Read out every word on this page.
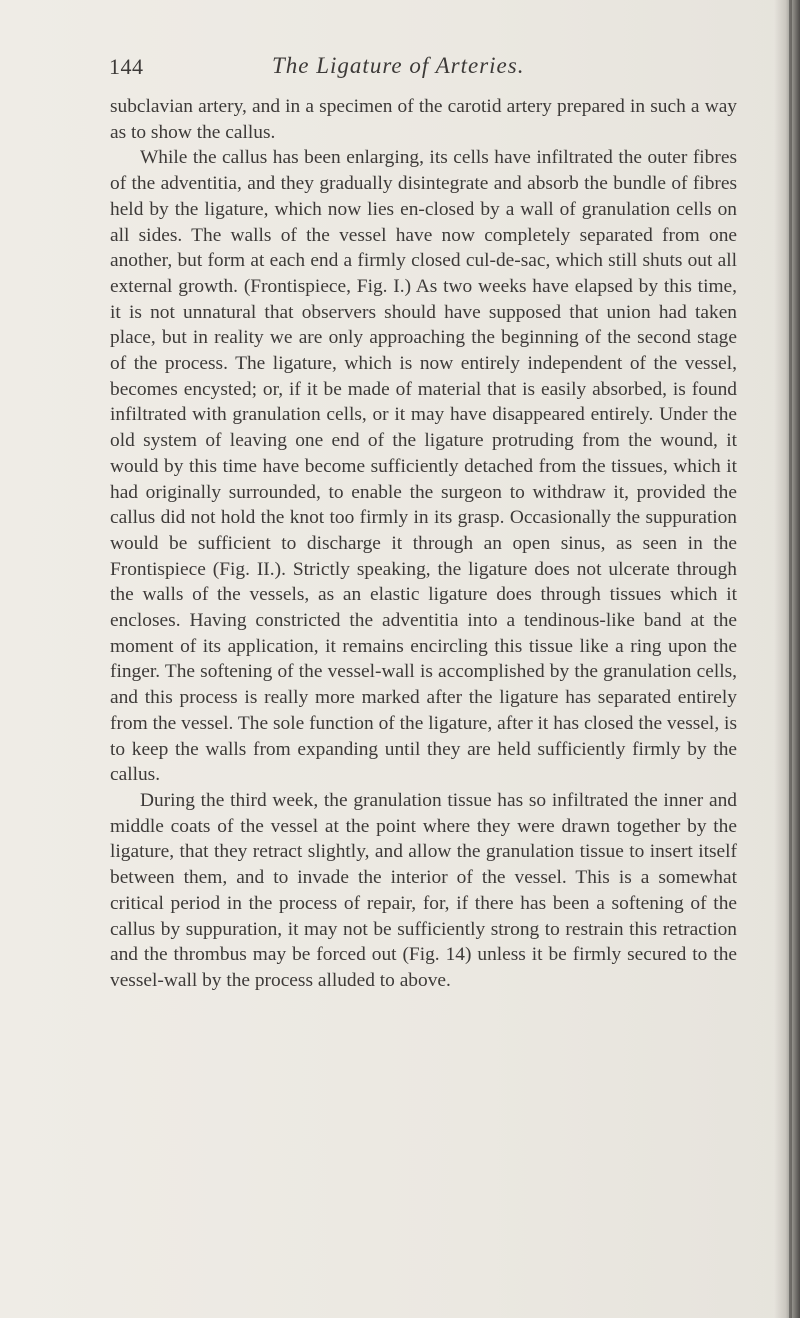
144	The Ligature of Arteries.

subclavian artery, and in a specimen of the carotid artery prepared in such a way as to show the callus.

While the callus has been enlarging, its cells have infiltrated the outer fibres of the adventitia, and they gradually disintegrate and absorb the bundle of fibres held by the ligature, which now lies en-closed by a wall of granulation cells on all sides. The walls of the vessel have now completely separated from one another, but form at each end a firmly closed cul-de-sac, which still shuts out all external growth. (Frontispiece, Fig. I.) As two weeks have elapsed by this time, it is not unnatural that observers should have supposed that union had taken place, but in reality we are only approaching the beginning of the second stage of the process. The ligature, which is now entirely independent of the vessel, becomes encysted; or, if it be made of material that is easily absorbed, is found infiltrated with granulation cells, or it may have disappeared entirely. Under the old system of leaving one end of the ligature protruding from the wound, it would by this time have become sufficiently detached from the tissues, which it had originally surrounded, to enable the surgeon to withdraw it, provided the callus did not hold the knot too firmly in its grasp. Occasionally the suppuration would be sufficient to discharge it through an open sinus, as seen in the Frontispiece (Fig. II.). Strictly speaking, the ligature does not ulcerate through the walls of the vessels, as an elastic ligature does through tissues which it encloses. Having constricted the adventitia into a tendinous-like band at the moment of its application, it remains encircling this tissue like a ring upon the finger. The softening of the vessel-wall is accomplished by the granulation cells, and this process is really more marked after the ligature has separated entirely from the vessel. The sole function of the ligature, after it has closed the vessel, is to keep the walls from expanding until they are held sufficiently firmly by the callus.

During the third week, the granulation tissue has so infiltrated the inner and middle coats of the vessel at the point where they were drawn together by the ligature, that they retract slightly, and allow the granulation tissue to insert itself between them, and to invade the interior of the vessel. This is a somewhat critical period in the process of repair, for, if there has been a softening of the callus by suppuration, it may not be sufficiently strong to restrain this retraction and the thrombus may be forced out (Fig. 14) unless it be firmly secured to the vessel-wall by the process alluded to above.
